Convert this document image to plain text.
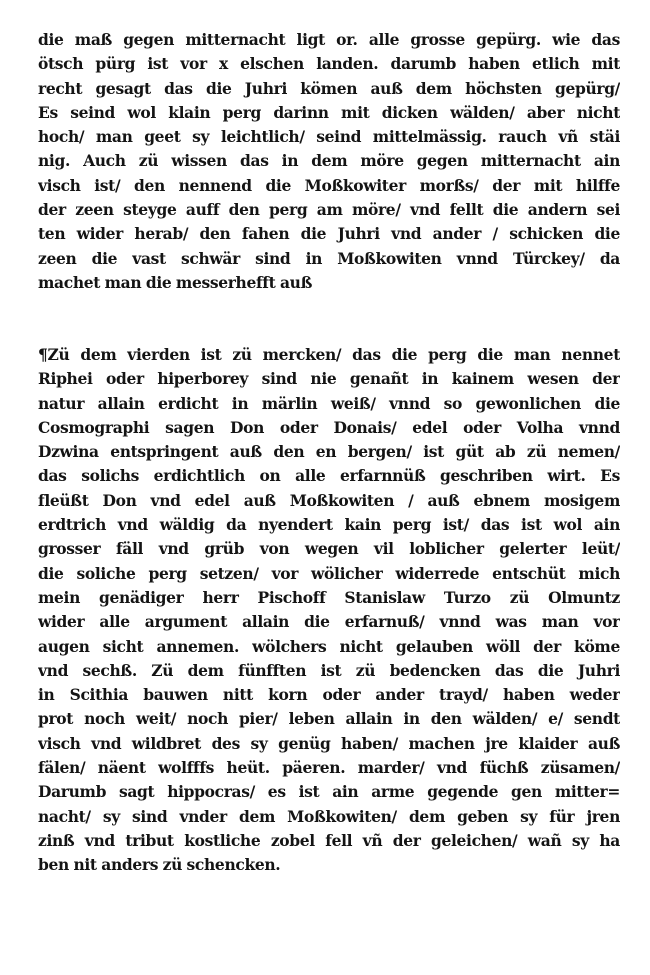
die maß gegen mitternacht ligt or. alle grosse gepürg. wie das
ötsch pürg ist vor x elschen landen. darumb haben etlich mit
recht gesagt das die Juhri kömen auß dem höchsten gepürg/
Es seind wol klain perg darinn mit dicken wälden/ aber nicht
hoch/ man geet sy leichtlich/ seind mittelmässig. rauch vñ stäi
nig. Auch zü wissen das in dem möre gegen mitternacht ain
visch ist/ den nennend die Moßkowiter morßs/ der mit hilffe
der zeen steyge auff den perg am möre/ vnd fellt die andern sei
ten wider herab/ den fahen die Juhri vnd ander / schicken die
zeen die vast schwär sind in Moßkowiten vnnd Türckey/ da
machet man die messerhefft auß
¶Zü dem vierden ist zü mercken/ das die perg die man nennet
Riphei oder hiperborey sind nie genañt in kainem wesen der
natur allain erdicht in märlin weiß/ vnnd so gewonlichen die
Cosmographi sagen Don oder Donais/ edel oder Volha vnnd
Dzwina entspringent auß den en bergen/ ist güt ab zü nemen/
das solichs erdichtlich on alle erfarnnüß geschriben wirt. Es
fleüßt Don vnd edel auß Moßkowiten / auß ebnem mosigem
erdtrich vnd wäldig da nyendert kain perg ist/ das ist wol ain
grosser fäll vnd grüb von wegen vil loblicher gelerter leüt/
die soliche perg setzen/ vor wölicher widerrede entschüt mich
mein genädiger herr Pischoff Stanislaw Turzo zü Olmuntz
wider alle argument allain die erfarnuß/ vnnd was man vor
augen sicht annemen. wölchers nicht gelauben wöll der köme
vnd sechß. Zü dem fünfften ist zü bedencken das die Juhri
in Scithia bauwen nitt korn oder ander trayd/ haben weder
prot noch weit/ noch pier/ leben allain in den wälden/ e/ sendt
visch vnd wildbret des sy genüg haben/ machen jre klaider auß
fälen/ näent wolfffs heüt. päeren. marder/ vnd füchß züsamen/
Darumb sagt hippocras/ es ist ain arme gegende gen mitter=
nacht/ sy sind vnder dem Moßkowiten/ dem geben sy für jren
zinß vnd tribut kostliche zobel fell vñ der geleichen/ wañ sy ha
ben nit anders zü schencken.
